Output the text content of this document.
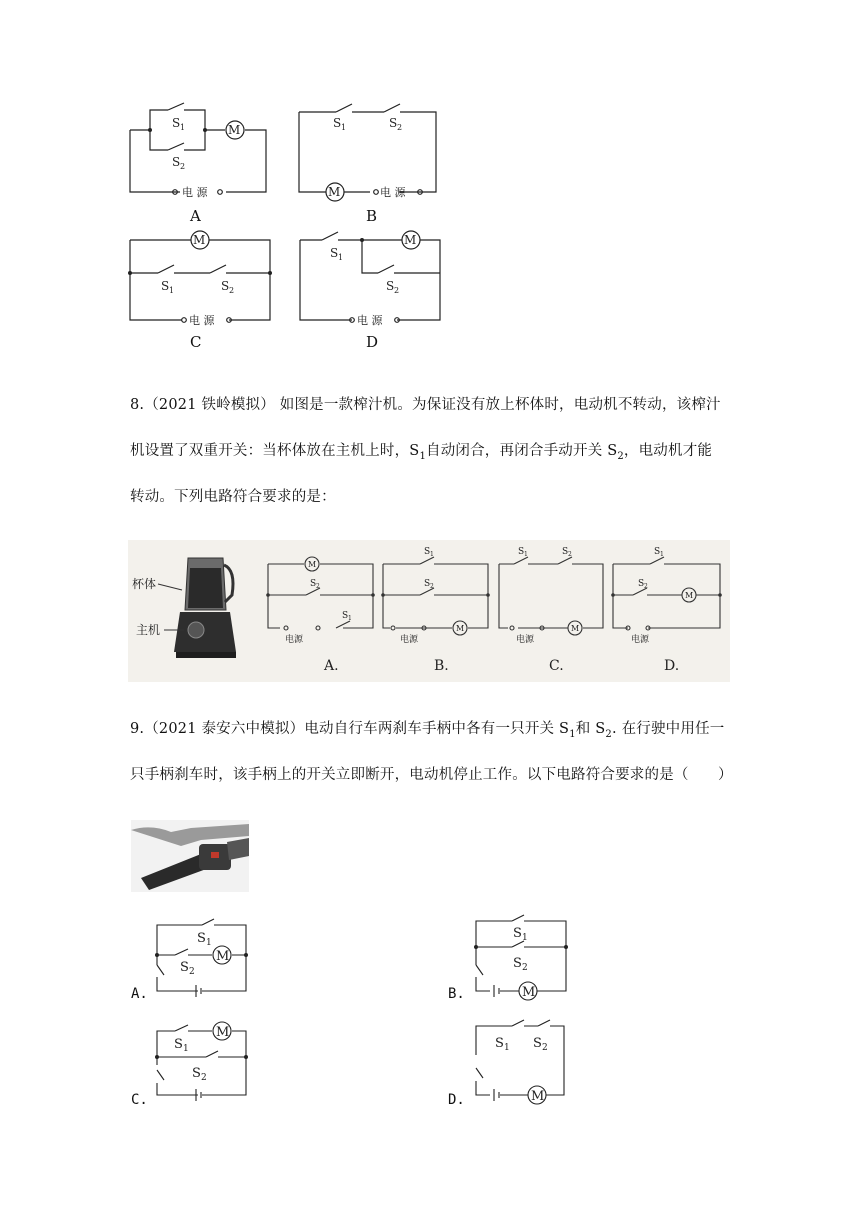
M
M
M	M
S
S
S	S
S	S
S
S
1
2
1	2
1	2
1
2
电 源	电 源
电 源	电 源
A	B
C	D
8.（2021 铁岭模拟） 如图是一款榨汁机。为保证没有放上杯体时，电动机不转动，该榨汁
机设置了双重开关：当杯体放在主机上时，$S_1$自动闭合，再闭合手动开关 $S_2$，电动机才能
转动。下列电路符合要求的是：
杯体
主机
M
M	M
M
S 2
S 1
S 1
S 2
S 1	S 2	S 1
S 2
电源	电源	电源	电源
A.	B.	C.	D.
9.（2021 泰安六中模拟）电动自行车两刹车手柄中各有一只开关 $S_1$和 $S_2$. 在行驶中用任一
只手柄刹车时，该手柄上的开关立即断开，电动机停止工作。以下电路符合要求的是（　　）
M
M
M
M
S
S
S
S
S
S
S S
1
2
1
2
1
2
1	2
A.	B.
C.	D.
